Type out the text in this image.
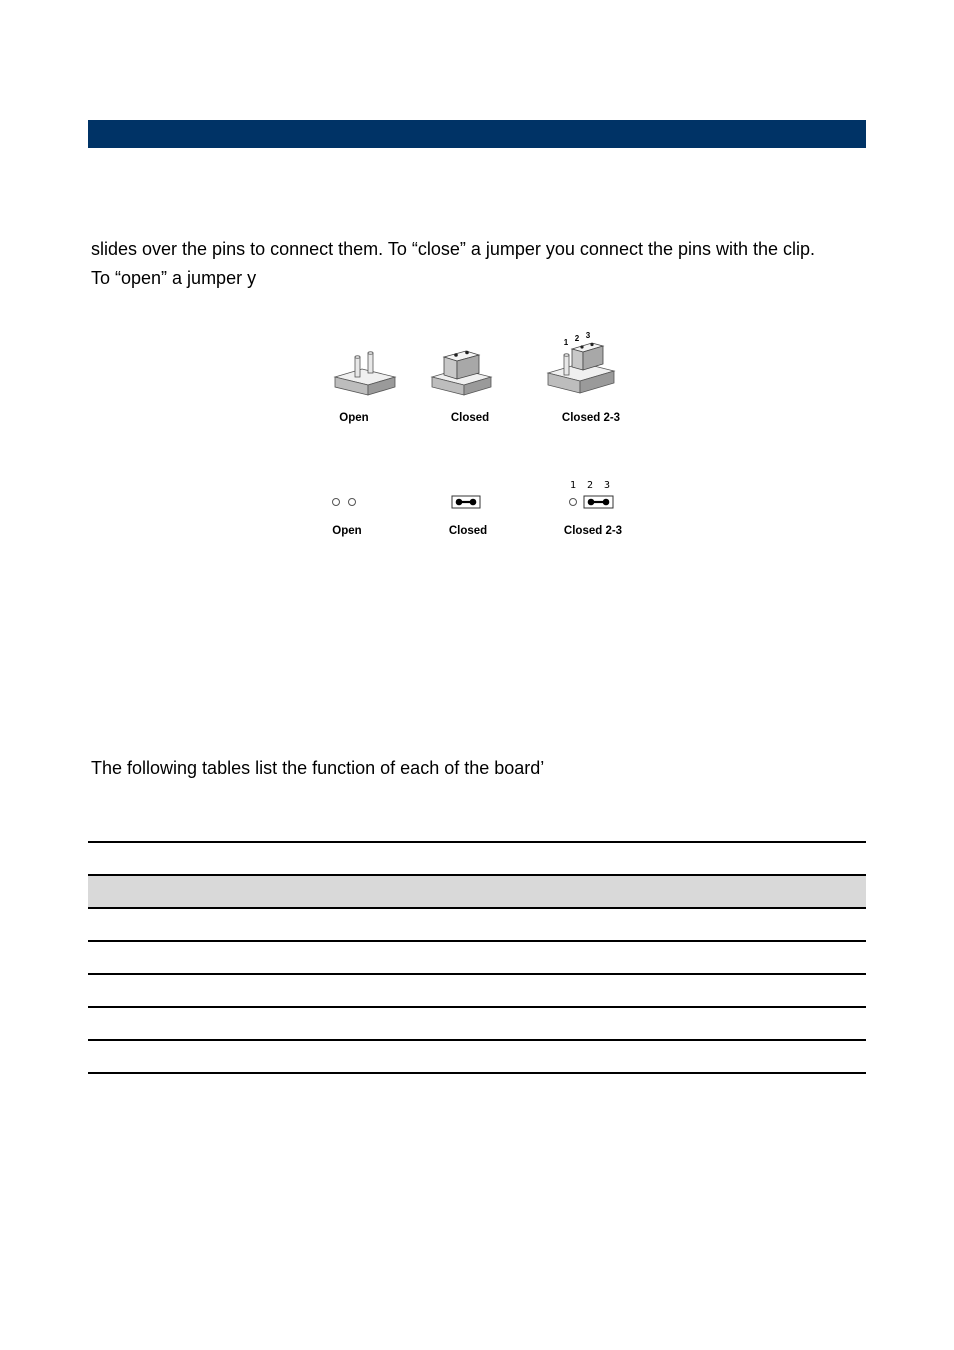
slides over the pins to connect them. To “close” a jumper you connect the pins with the clip.
To “open” a jumper y
1 2 3
Open	Closed	Closed 2-3
1 2 3
Open	Closed	Closed 2-3
The following tables list the function of each of the board’
